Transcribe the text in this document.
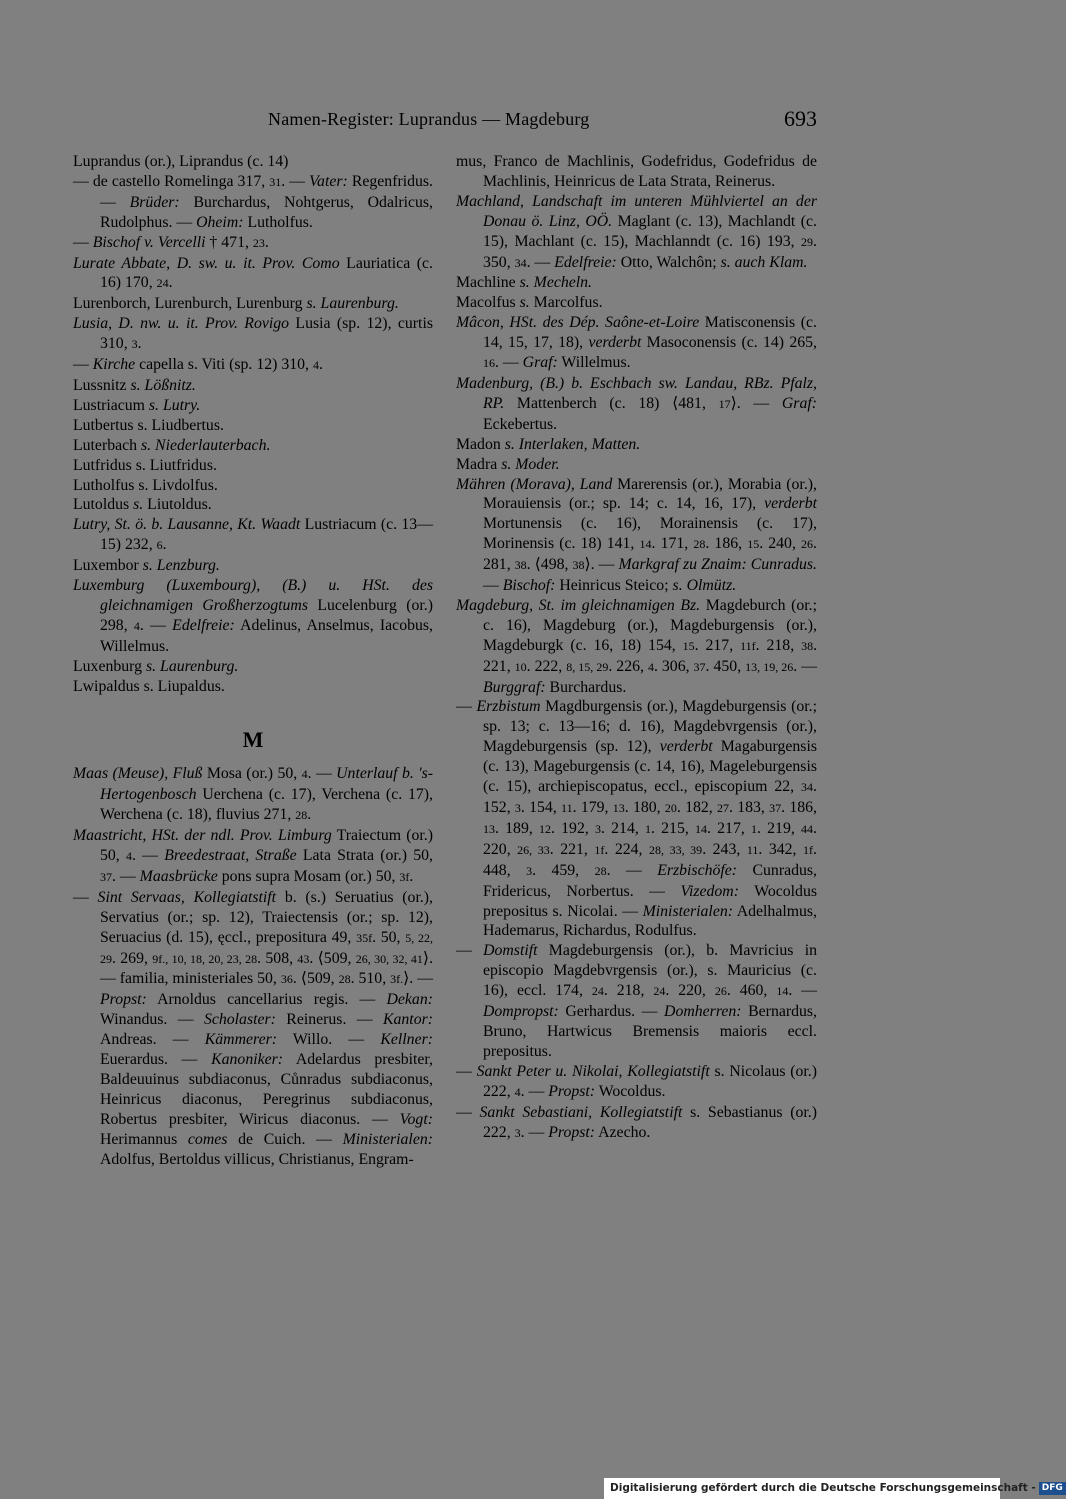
Namen-Register: Luprandus — Magdeburg	693
Luprandus (or.), Liprandus (c. 14)
— de castello Romelinga 317, 31. — Vater: Regenfridus. — Brüder: Burchardus, Nohtgerus, Odalricus, Rudolphus. — Oheim: Lutholfus.
— Bischof v. Vercelli † 471, 23.
Lurate Abbate, D. sw. u. it. Prov. Como Lauriatica (c. 16) 170, 24.
Lurenborch, Lurenburch, Lurenburg s. Laurenburg.
Lusia, D. nw. u. it. Prov. Rovigo Lusia (sp. 12), curtis 310, 3.
— Kirche capella s. Viti (sp. 12) 310, 4.
Lussnitz s. Lößnitz.
Lustriacum s. Lutry.
Lutbertus s. Liudbertus.
Luterbach s. Niederlauterbach.
Lutfridus s. Liutfridus.
Lutholfus s. Livdolfus.
Lutoldus s. Liutoldus.
Lutry, St. ö. b. Lausanne, Kt. Waadt Lustriacum (c. 13—15) 232, 6.
Luxembor s. Lenzburg.
Luxemburg (Luxembourg), (B.) u. HSt. des gleichnamigen Großherzogtums Lucelenburg (or.) 298, 4. — Edelfreie: Adelinus, Anselmus, Iacobus, Willelmus.
Luxenburg s. Laurenburg.
Lwipaldus s. Liupaldus.
M
Maas (Meuse), Fluß Mosa (or.) 50, 4. — Unterlauf b. 's-Hertogenbosch Uerchena (c. 17), Verchena (c. 17), Werchena (c. 18), fluvius 271, 28.
Maastricht, HSt. der ndl. Prov. Limburg Traiectum (or.) 50, 4. — Breedestraat, Straße Lata Strata (or.) 50, 37. — Maasbrücke pons supra Mosam (or.) 50, 3f.
— Sint Servaas, Kollegiatstift b. (s.) Seruatius (or.), Servatius (or.; sp. 12), Traiectensis (or.; sp. 12), Seruacius (d. 15), ęccl., prepositura 49, 35f. 50, 5, 22, 29. 269, 9f., 10, 18, 20, 23, 28. 508, 43. ⟨509, 26, 30, 32, 41⟩. — familia, ministeriales 50, 36. ⟨509, 28. 510, 3f.⟩. — Propst: Arnoldus cancellarius regis. — Dekan: Winandus. — Scholaster: Reinerus. — Kantor: Andreas. — Kämmerer: Willo. — Kellner: Euerardus. — Kanoniker: Adelardus presbiter, Baldeuuinus subdiaconus, Cůnradus subdiaconus, Heinricus diaconus, Peregrinus subdiaconus, Robertus presbiter, Wiricus diaconus. — Vogt: Herimannus comes de Cuich. — Ministerialen: Adolfus, Bertoldus villicus, Christianus, Engram-
mus, Franco de Machlinis, Godefridus, Godefridus de Machlinis, Heinricus de Lata Strata, Reinerus.
Machland, Landschaft im unteren Mühlviertel an der Donau ö. Linz, OÖ. Maglant (c. 13), Machlandt (c. 15), Machlant (c. 15), Machlanndt (c. 16) 193, 29. 350, 34. — Edelfreie: Otto, Walchôn; s. auch Klam.
Machline s. Mecheln.
Macolfus s. Marcolfus.
Mâcon, HSt. des Dép. Saône-et-Loire Matisconensis (c. 14, 15, 17, 18), verderbt Masoconensis (c. 14) 265, 16. — Graf: Willelmus.
Madenburg, (B.) b. Eschbach sw. Landau, RBz. Pfalz, RP. Mattenberch (c. 18) ⟨481, 17⟩. — Graf: Eckebertus.
Madon s. Interlaken, Matten.
Madra s. Moder.
Mähren (Morava), Land Marerensis (or.), Morabia (or.), Morauiensis (or.; sp. 14; c. 14, 16, 17), verderbt Mortunensis (c. 16), Morainensis (c. 17), Morinensis (c. 18) 141, 14. 171, 28. 186, 15. 240, 26. 281, 38. ⟨498, 38⟩. — Markgraf zu Znaim: Cunradus. — Bischof: Heinricus Steico; s. Olmütz.
Magdeburg, St. im gleichnamigen Bz. Magdeburch (or.; c. 16), Magdeburg (or.), Magdeburgensis (or.), Magdeburgk (c. 16, 18) 154, 15. 217, 11f. 218, 38. 221, 10. 222, 8, 15, 29. 226, 4. 306, 37. 450, 13, 19, 26. — Burggraf: Burchardus.
— Erzbistum Magdburgensis (or.), Magdeburgensis (or.; sp. 13; c. 13—16; d. 16), Magdebvrgensis (or.), Magdeburgensis (sp. 12), verderbt Magaburgensis (c. 13), Mageburgensis (c. 14, 16), Mageleburgensis (c. 15), archiepiscopatus, eccl., episcopium 22, 34. 152, 3. 154, 11. 179, 13. 180, 20. 182, 27. 183, 37. 186, 13. 189, 12. 192, 3. 214, 1. 215, 14. 217, 1. 219, 44. 220, 26, 33. 221, 1f. 224, 28, 33, 39. 243, 11. 342, 1f. 448, 3. 459, 28. — Erzbischöfe: Cunradus, Fridericus, Norbertus. — Vizedom: Wocoldus prepositus s. Nicolai. — Ministerialen: Adelhalmus, Hademarus, Richardus, Rodulfus.
— Domstift Magdeburgensis (or.), b. Mavricius in episcopio Magdebvrgensis (or.), s. Mauricius (c. 16), eccl. 174, 24. 218, 24. 220, 26. 460, 14. — Dompropst: Gerhardus. — Domherren: Bernardus, Bruno, Hartwicus Bremensis maioris eccl. prepositus.
— Sankt Peter u. Nikolai, Kollegiatstift s. Nicolaus (or.) 222, 4. — Propst: Wocoldus.
— Sankt Sebastiani, Kollegiatstift s. Sebastianus (or.) 222, 3. — Propst: Azecho.
Digitalisierung gefördert durch die Deutsche Forschungsgemeinschaft - DFG
